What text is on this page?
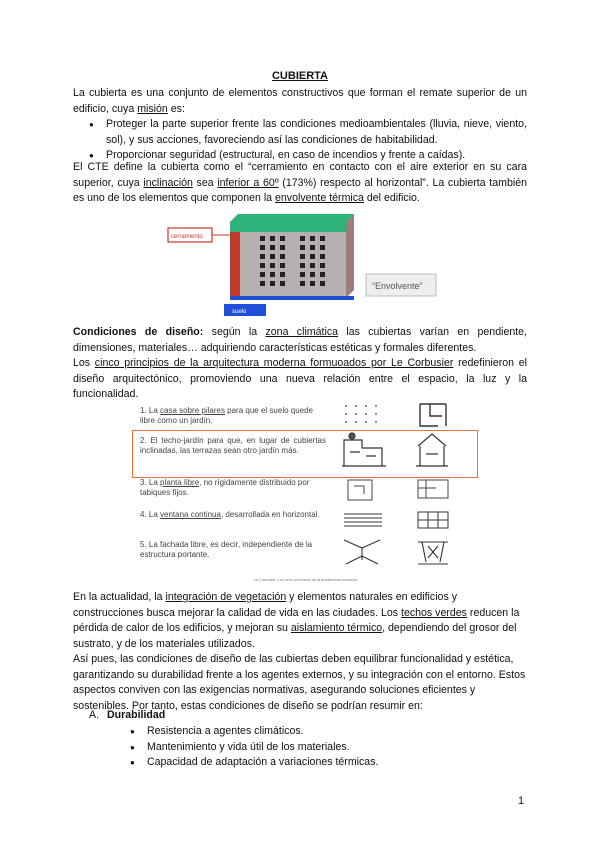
CUBIERTA

La cubierta es una conjunto de elementos constructivos que forman el remate superior de un edificio, cuya misión es:

● Proteger la parte superior frente las condiciones medioambientales (lluvia, nieve, viento, sol), y sus acciones, favoreciendo así las condiciones de habitabilidad.
● Proporcionar seguridad (estructural, en caso de incendios y frente a caídas).

El CTE define la cubierta como el “cerramiento en contacto con el aire exterior en su cara superior, cuya inclinación sea inferior a 60º (173%) respecto al horizontal”. La cubierta también es uno de los elementos que componen la envolvente térmica del edificio.

cerramiento
“Envolvente”
suelo

Condiciones de diseño: según la zona climática las cubiertas varían en pendiente, dimensiones, materiales… adquiriendo características estéticas y formales diferentes.

Los cinco principios de la arquitectura moderna formuoados por Le Corbusier redefinieron el diseño arquitectónico, promoviendo una nueva relación entre el espacio, la luz y la funcionalidad.

1. La casa sobre pilares para que el suelo quede libre como un jardín.
2. El techo-jardín para que, en lugar de cubiertas inclinadas, las terrazas sean otro jardín más.
3. La planta libre, no rígidamente distribuido por tabiques fijos.
4. La ventana continua, desarrollada en horizontal.
5. La fachada libre, es decir, independiente de la estructura portante.
Le Corbusier. Los cinco principios de la arquitectura moderna

En la actualidad, la integración de vegetación y elementos naturales en edificios y construcciones busca mejorar la calidad de vida en las ciudades. Los techos verdes reducen la pérdida de calor de los edificios, y mejoran su aislamiento térmico, dependiendo del grosor del sustrato, y de los materiales utilizados.

Así pues, las condiciones de diseño de las cubiertas deben equilibrar funcionalidad y estética, garantizando su durabilidad frente a los agentes externos, y su integración con el entorno. Estos aspectos conviven con las exigencias normativas, asegurando soluciones eficientes y sostenibles. Por tanto, estas condiciones de diseño se podrían resumir en:

A. Durabilidad
● Resistencia a agentes climáticos.
● Mantenimiento y vida útil de los materiales.
● Capacidad de adaptación a variaciones térmicas.
1
